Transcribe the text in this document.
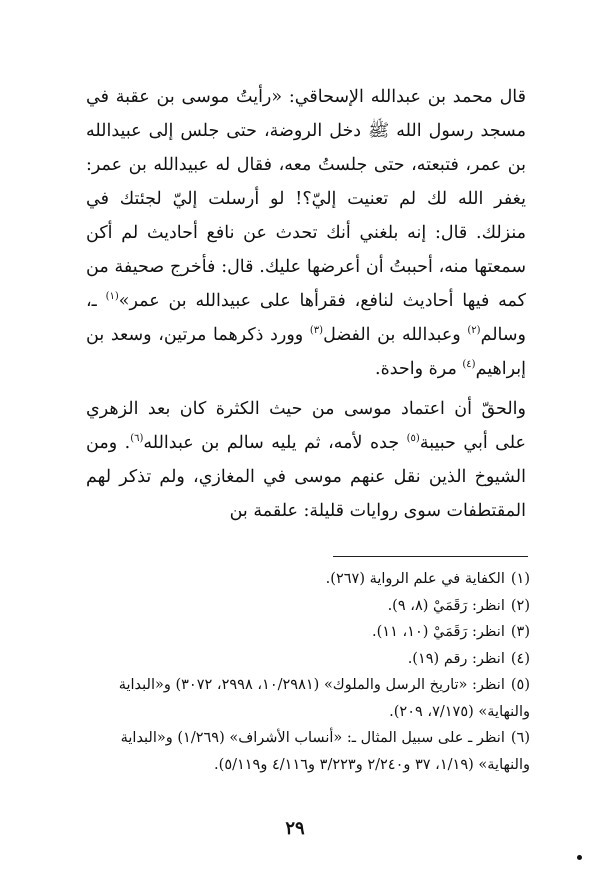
قال محمد بن عبدالله الإسحاقي: «رأيتُ موسى بن عقبة في مسجد رسول الله ﷺ دخل الروضة، حتى جلس إلى عبيدالله بن عمر، فتبعته، حتى جلستُ معه، فقال له عبيدالله بن عمر: يغفر الله لك لم تعنيت إليّ؟! لو أرسلت إليّ لجئتك في منزلك. قال: إنه بلغني أنك تحدث عن نافع أحاديث لم أكن سمعتها منه، أحببتُ أن أعرضها عليك. قال: فأخرج صحيفة من كمه فيها أحاديث لنافع، فقرأها على عبيدالله بن عمر»$^{(١)}$ ـ، وسالم$^{(٢)}$ وعبدالله بن الفضل$^{(٣)}$ وورد ذكرهما مرتين، وسعد بن إبراهيم$^{(٤)}$ مرة واحدة.

والحقّ أن اعتماد موسى من حيث الكثرة كان بعد الزهري على أبي حبيبة$^{(٥)}$ جده لأمه، ثم يليه سالم بن عبدالله$^{(٦)}$. ومن الشيوخ الذين نقل عنهم موسى في المغازي، ولم تذكر لهم المقتطفات سوى روايات قليلة: علقمة بن

(١)الكفاية في علم الرواية (٢٦٧).

(٢)انظر: رَقَمَيْ (٨، ٩).

(٣)انظر: رَقَمَيْ (١٠، ١١).

(٤)انظر: رقم (١٩).

(٥)انظر: «تاريخ الرسل والملوك» (١٠/٢٩٨١، ٢٩٩٨، ٣٠٧٢) و«البداية والنهاية» (٧/١٧٥، ٢٠٩).

(٦)انظر ـ على سبيل المثال ـ: «أنساب الأشراف» (١/٢٦٩) و«البداية والنهاية» (١/١٩، ٣٧ و٢/٢٤٠ و٣/٢٢٣ و٤/١١٦ و٥/١١٩).

٢٩
